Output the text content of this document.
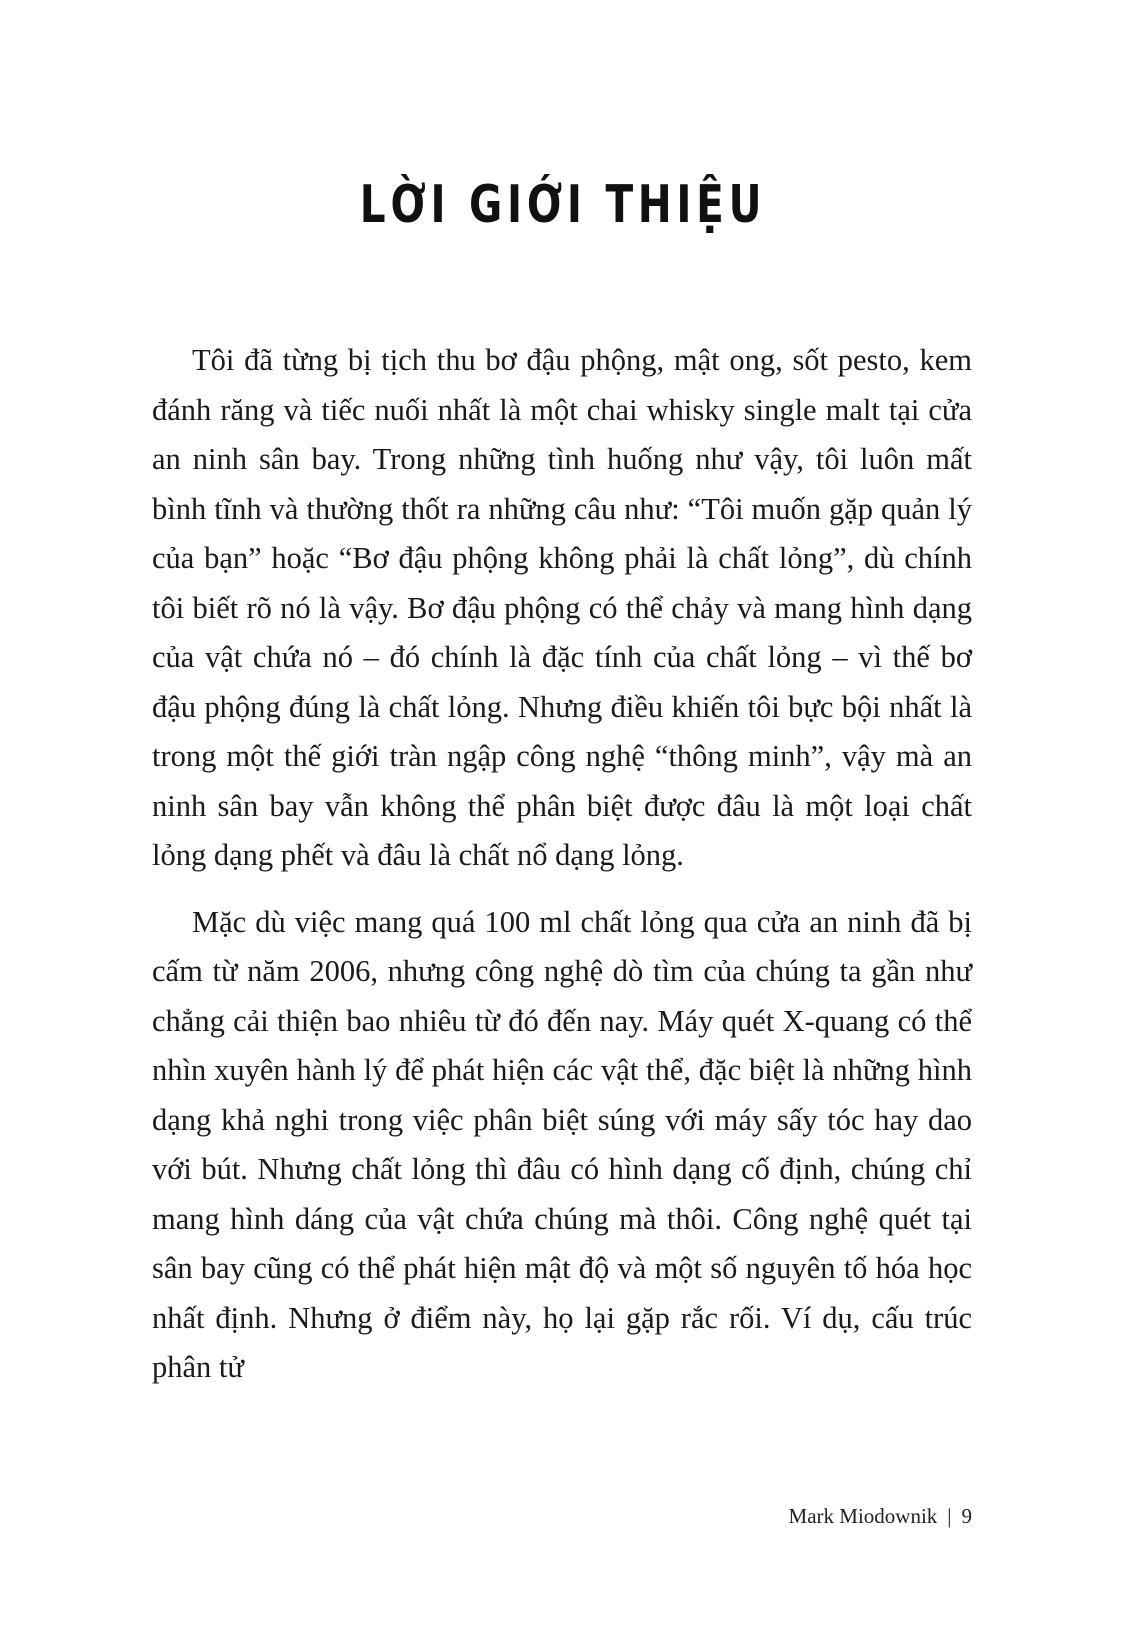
LỜI GIỚI THIỆU

Tôi đã từng bị tịch thu bơ đậu phộng, mật ong, sốt pesto, kem đánh răng và tiếc nuối nhất là một chai whisky single malt tại cửa an ninh sân bay. Trong những tình huống như vậy, tôi luôn mất bình tĩnh và thường thốt ra những câu như: “Tôi muốn gặp quản lý của bạn” hoặc “Bơ đậu phộng không phải là chất lỏng”, dù chính tôi biết rõ nó là vậy. Bơ đậu phộng có thể chảy và mang hình dạng của vật chứa nó – đó chính là đặc tính của chất lỏng – vì thế bơ đậu phộng đúng là chất lỏng. Nhưng điều khiến tôi bực bội nhất là trong một thế giới tràn ngập công nghệ “thông minh”, vậy mà an ninh sân bay vẫn không thể phân biệt được đâu là một loại chất lỏng dạng phết và đâu là chất nổ dạng lỏng.

Mặc dù việc mang quá 100 ml chất lỏng qua cửa an ninh đã bị cấm từ năm 2006, nhưng công nghệ dò tìm của chúng ta gần như chẳng cải thiện bao nhiêu từ đó đến nay. Máy quét X-quang có thể nhìn xuyên hành lý để phát hiện các vật thể, đặc biệt là những hình dạng khả nghi trong việc phân biệt súng với máy sấy tóc hay dao với bút. Nhưng chất lỏng thì đâu có hình dạng cố định, chúng chỉ mang hình dáng của vật chứa chúng mà thôi. Công nghệ quét tại sân bay cũng có thể phát hiện mật độ và một số nguyên tố hóa học nhất định. Nhưng ở điểm này, họ lại gặp rắc rối. Ví dụ, cấu trúc phân tử

Mark Miodownik | 9
